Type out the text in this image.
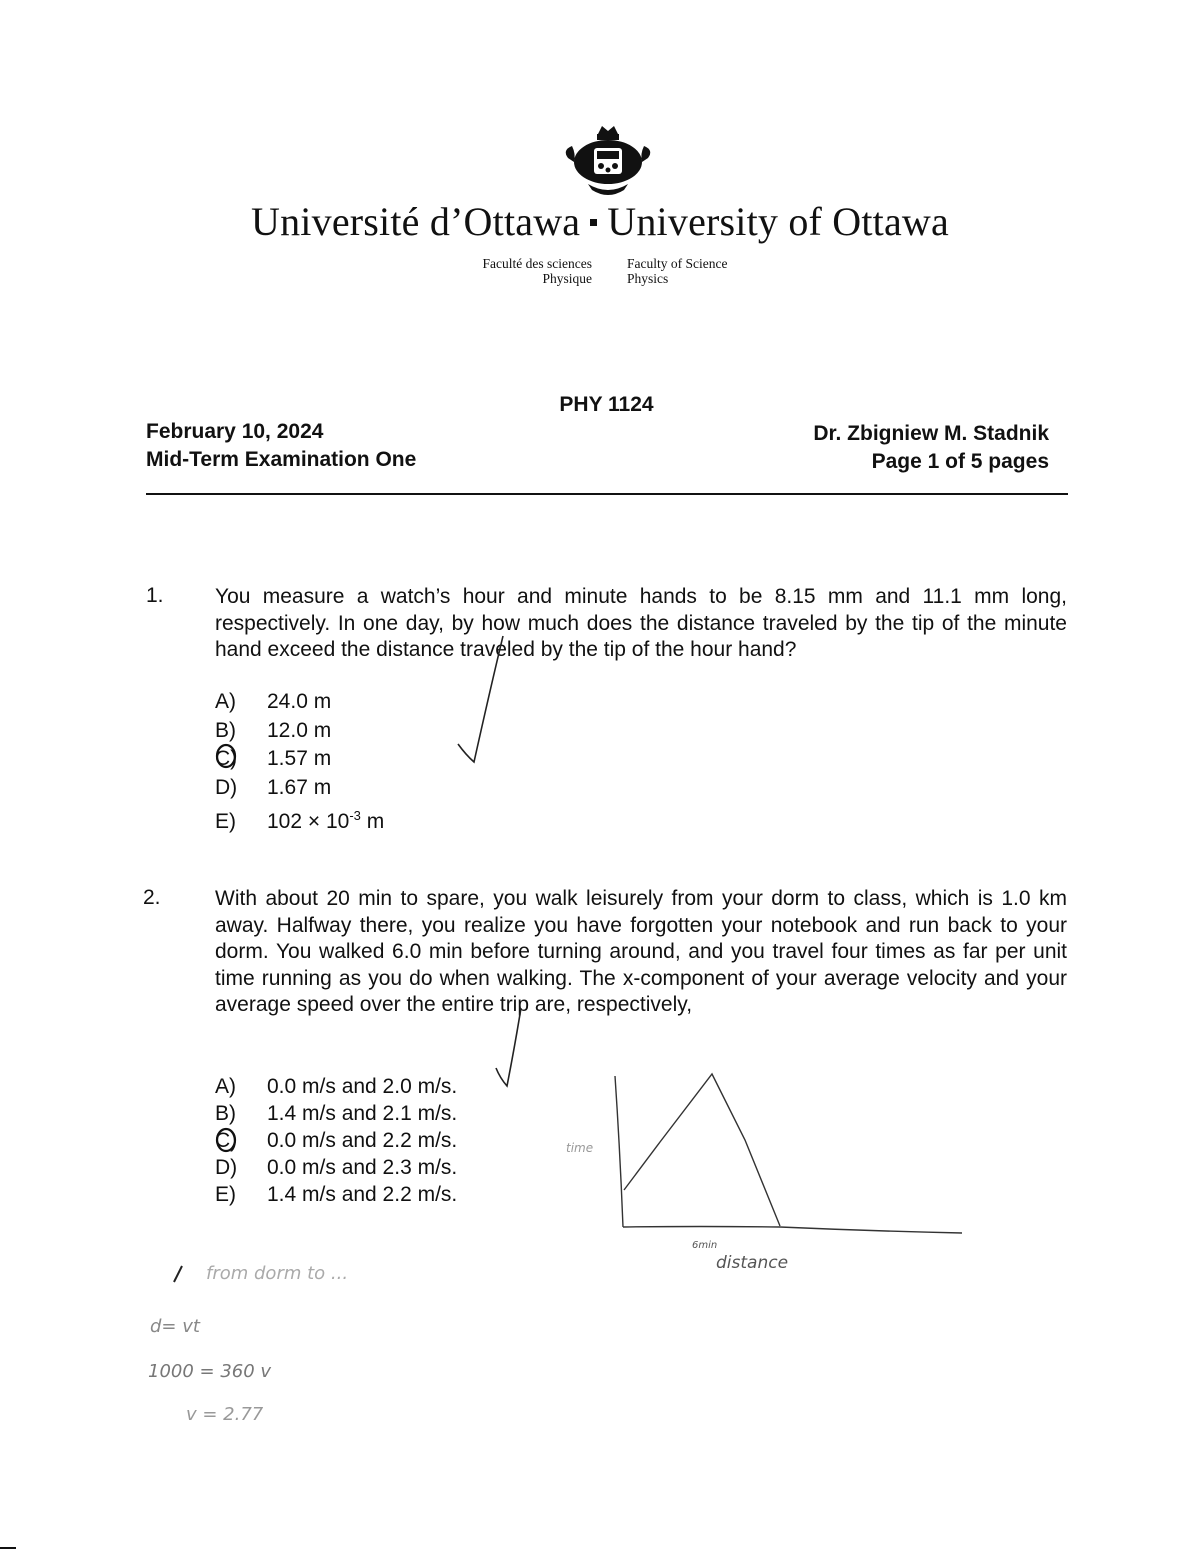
Université d’Ottawa University of Ottawa
Faculté des sciences
Physique
Faculty of Science
Physics
PHY 1124
February 10, 2024
Mid-Term Examination One
Dr. Zbigniew M. Stadnik
Page 1 of 5 pages
1. You measure a watch’s hour and minute hands to be 8.15 mm and 11.1 mm long, respectively. In one day, by how much does the distance traveled by the tip of the minute hand exceed the distance traveled by the tip of the hour hand?
A) 24.0 m
B) 12.0 m
C) 1.57 m
D) 1.67 m
E) $102 \times 10^{-3}$ m
2.	With about 20 min to spare, you walk leisurely from your dorm to class, which is 1.0 km away. Halfway there, you realize you have forgotten your notebook and run back to your dorm. You walked 6.0 min before turning around, and you travel four times as far per unit time running as you do when walking. The x-component of your average velocity and your average speed over the entire trip are, respectively,
A) 0.0 m/s and 2.0 m/s.
B) 1.4 m/s and 2.1 m/s.
C) 0.0 m/s and 2.2 m/s.
D) 0.0 m/s and 2.3 m/s.
E) 1.4 m/s and 2.2 m/s.
time
6min
distance
from dorm to ...
d= vt
1000 = 360 v
v = 2.77
